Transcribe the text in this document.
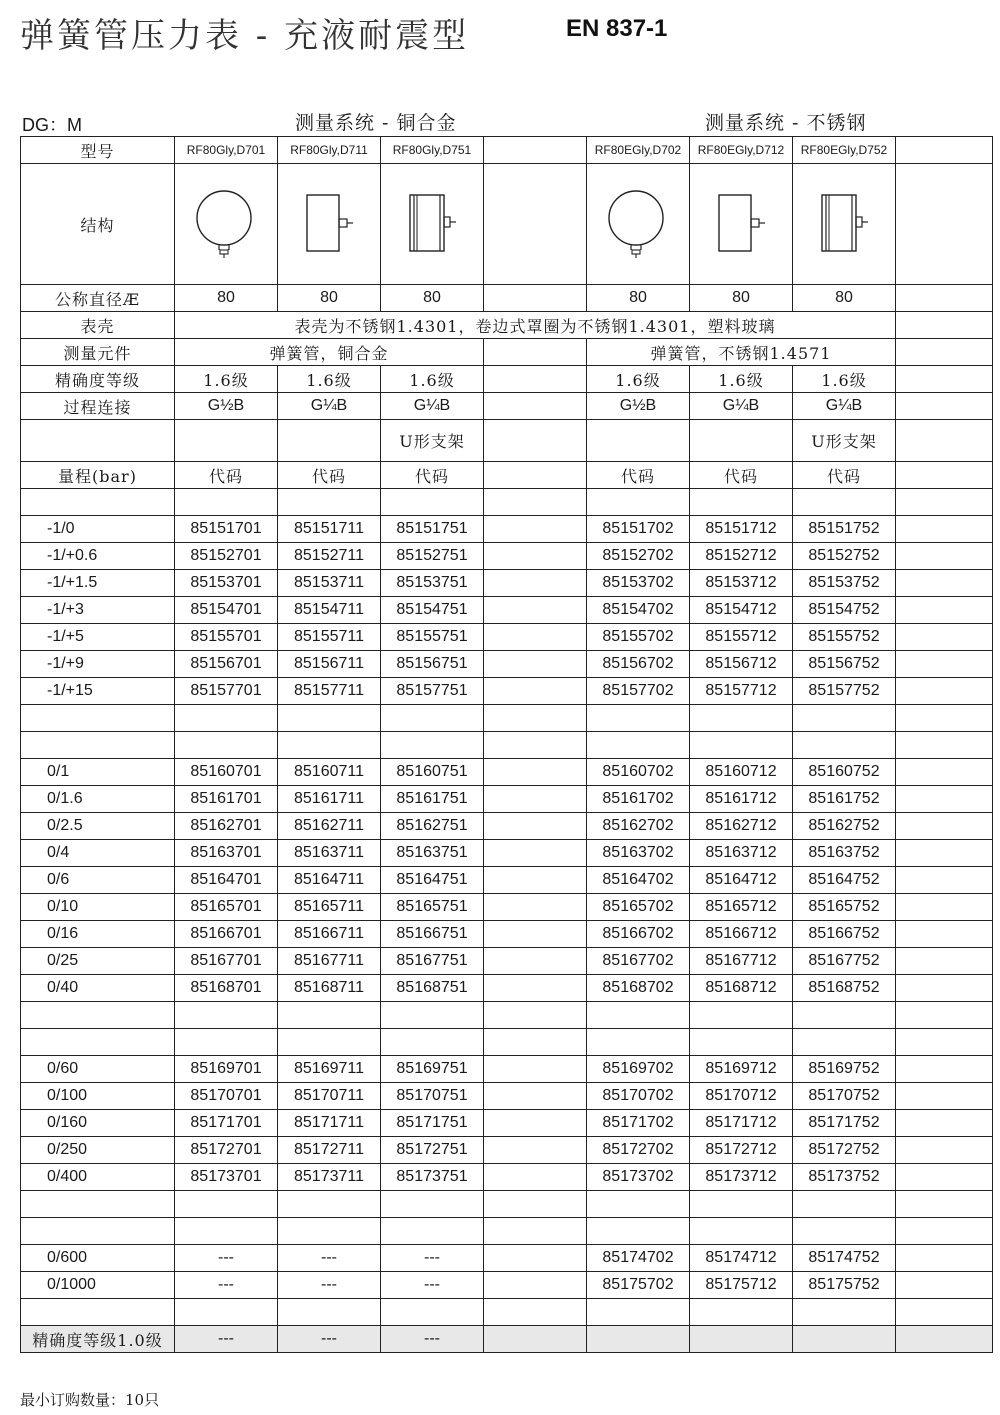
弹簧管压力表 - 充液耐震型	EN 837-1
DG：M	测量系统 - 铜合金	测量系统 - 不锈钢
型号	RF80Gly,D701	RF80Gly,D711	RF80Gly,D751		RF80EGly,D702	RF80EGly,D712	RF80EGly,D752	
结构	

公称直径Æ	80	80	80		80	80	80	
表壳	表壳为不锈钢1.4301，卷边式罩圈为不锈钢1.4301，塑料玻璃							
测量元件	弹簧管，铜合金				弹簧管，不锈钢1.4571			
精确度等级	1.6级	1.6级	1.6级		1.6级	1.6级	1.6级	
过程连接	G½B	G¼B	G¼B		G½B	G¼B	G¼B	
			U形支架				U形支架	
量程(bar)	代码	代码	代码		代码	代码	代码	

-1/0	85151701	85151711	85151751		85151702	85151712	85151752	
-1/+0.6	85152701	85152711	85152751		85152702	85152712	85152752	
-1/+1.5	85153701	85153711	85153751		85153702	85153712	85153752	
-1/+3	85154701	85154711	85154751		85154702	85154712	85154752	
-1/+5	85155701	85155711	85155751		85155702	85155712	85155752	
-1/+9	85156701	85156711	85156751		85156702	85156712	85156752	
-1/+15	85157701	85157711	85157751		85157702	85157712	85157752	

0/1	85160701	85160711	85160751		85160702	85160712	85160752	
0/1.6	85161701	85161711	85161751		85161702	85161712	85161752	
0/2.5	85162701	85162711	85162751		85162702	85162712	85162752	
0/4	85163701	85163711	85163751		85163702	85163712	85163752	
0/6	85164701	85164711	85164751		85164702	85164712	85164752	
0/10	85165701	85165711	85165751		85165702	85165712	85165752	
0/16	85166701	85166711	85166751		85166702	85166712	85166752	
0/25	85167701	85167711	85167751		85167702	85167712	85167752	
0/40	85168701	85168711	85168751		85168702	85168712	85168752	

0/60	85169701	85169711	85169751		85169702	85169712	85169752	
0/100	85170701	85170711	85170751		85170702	85170712	85170752	
0/160	85171701	85171711	85171751		85171702	85171712	85171752	
0/250	85172701	85172711	85172751		85172702	85172712	85172752	
0/400	85173701	85173711	85173751		85173702	85173712	85173752	

0/600	---	---	---		85174702	85174712	85174752	
0/1000	---	---	---		85175702	85175712	85175752	

精确度等级1.0级	---	---	---					
最小订购数量：10只
